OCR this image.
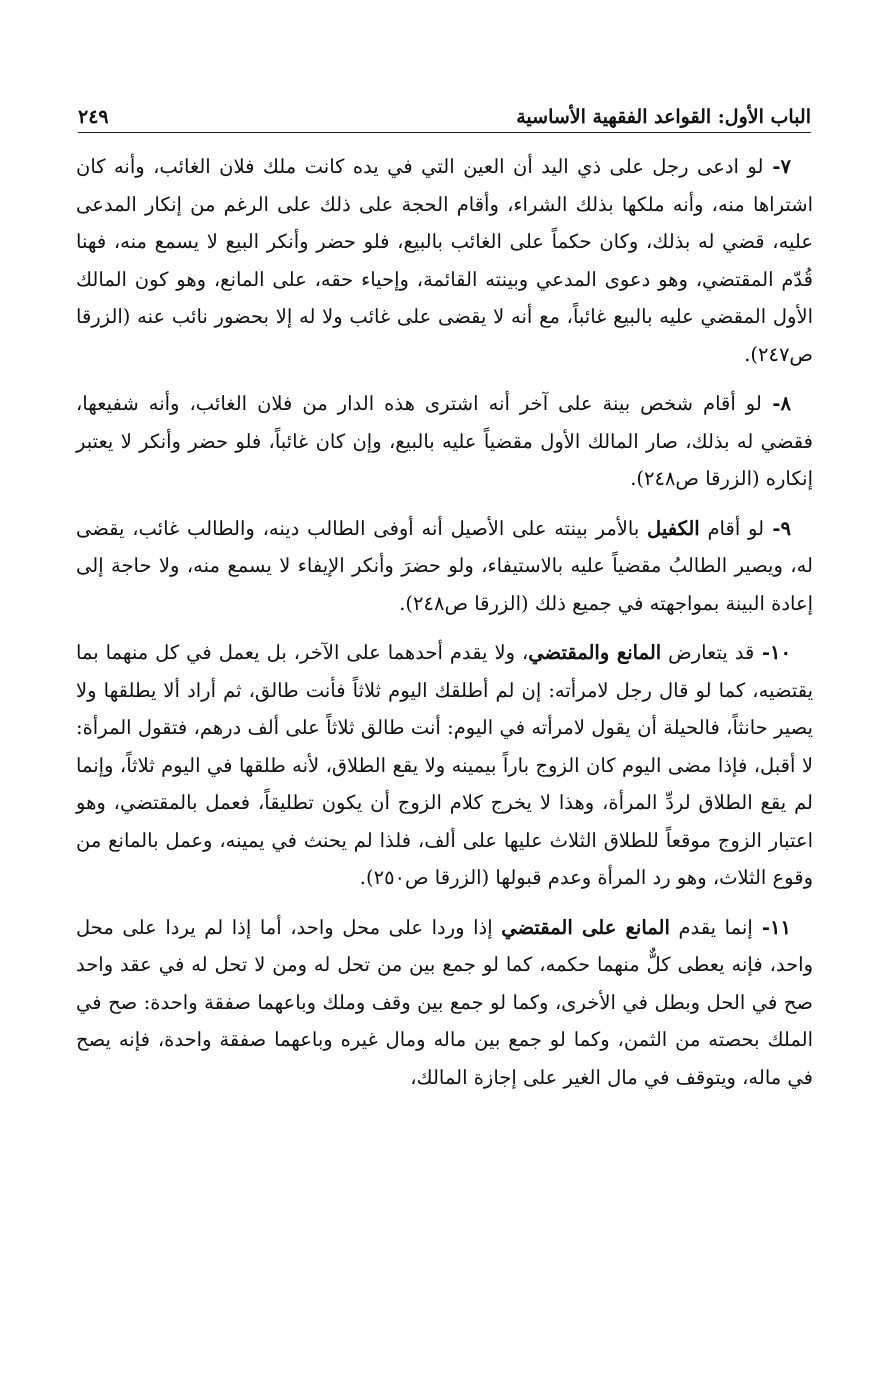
الباب الأول: القواعد الفقهية الأساسية
٢٤٩

٧- لو ادعى رجل على ذي اليد أن العين التي في يده كانت ملك فلان الغائب، وأنه كان اشتراها منه، وأنه ملكها بذلك الشراء، وأقام الحجة على ذلك على الرغم من إنكار المدعى عليه، قضي له بذلك، وكان حكماً على الغائب بالبيع، فلو حضر وأنكر البيع لا يسمع منه، فهنا قُدّم المقتضي، وهو دعوى المدعي وبينته القائمة، وإحياء حقه، على المانع، وهو كون المالك الأول المقضي عليه بالبيع غائباً، مع أنه لا يقضى على غائب ولا له إلا بحضور نائب عنه (الزرقا ص٢٤٧).

٨- لو أقام شخص بينة على آخر أنه اشترى هذه الدار من فلان الغائب، وأنه شفيعها، فقضي له بذلك، صار المالك الأول مقضياً عليه بالبيع، وإن كان غائباً، فلو حضر وأنكر لا يعتبر إنكاره (الزرقا ص٢٤٨).

٩- لو أقام الكفيل بالأمر بينته على الأصيل أنه أوفى الطالب دينه، والطالب غائب، يقضى له، ويصير الطالبُ مقضياً عليه بالاستيفاء، ولو حضرَ وأنكر الإيفاء لا يسمع منه، ولا حاجة إلى إعادة البينة بمواجهته في جميع ذلك (الزرقا ص٢٤٨).

١٠- قد يتعارض المانع والمقتضي، ولا يقدم أحدهما على الآخر، بل يعمل في كل منهما بما يقتضيه، كما لو قال رجل لامرأته: إن لم أطلقك اليوم ثلاثاً فأنت طالق، ثم أراد ألا يطلقها ولا يصير حانثاً، فالحيلة أن يقول لامرأته في اليوم: أنت طالق ثلاثاً على ألف درهم، فتقول المرأة: لا أقبل، فإذا مضى اليوم كان الزوج باراً بيمينه ولا يقع الطلاق، لأنه طلقها في اليوم ثلاثاً، وإنما لم يقع الطلاق لردِّ المرأة، وهذا لا يخرج كلام الزوج أن يكون تطليقاً، فعمل بالمقتضي، وهو اعتبار الزوج موقعاً للطلاق الثلاث عليها على ألف، فلذا لم يحنث في يمينه، وعمل بالمانع من وقوع الثلاث، وهو رد المرأة وعدم قبولها (الزرقا ص٢٥٠).

١١- إنما يقدم المانع على المقتضي إذا وردا على محل واحد، أما إذا لم يردا على محل واحد، فإنه يعطى كلٌّ منهما حكمه، كما لو جمع بين من تحل له ومن لا تحل له في عقد واحد صح في الحل وبطل في الأخرى، وكما لو جمع بين وقف وملك وباعهما صفقة واحدة: صح في الملك بحصته من الثمن، وكما لو جمع بين ماله ومال غيره وباعهما صفقة واحدة، فإنه يصح في ماله، ويتوقف في مال الغير على إجازة المالك،
